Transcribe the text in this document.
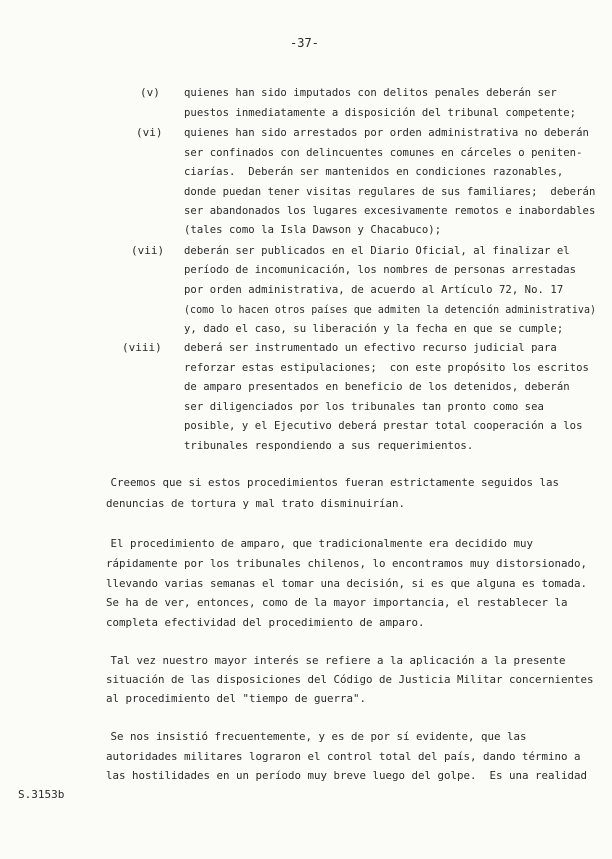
-37-
(v) quienes han sido imputados con delitos penales deberán ser
puestos inmediatamente a disposición del tribunal competente;
(vi) quienes han sido arrestados por orden administrativa no deberán
ser confinados con delincuentes comunes en cárceles o peniten-
ciarías.  Deberán ser mantenidos en condiciones razonables,
donde puedan tener visitas regulares de sus familiares;  deberán
ser abandonados los lugares excesivamente remotos e inabordables
(tales como la Isla Dawson y Chacabuco);
(vii) deberán ser publicados en el Diario Oficial, al finalizar el
período de incomunicación, los nombres de personas arrestadas
por orden administrativa, de acuerdo al Artículo 72, No. 17
(como lo hacen otros países que admiten la detención administrativa)
y, dado el caso, su liberación y la fecha en que se cumple;
(viii) deberá ser instrumentado un efectivo recurso judicial para
reforzar estas estipulaciones;  con este propósito los escritos
de amparo presentados en beneficio de los detenidos, deberán
ser diligenciados por los tribunales tan pronto como sea
posible, y el Ejecutivo deberá prestar total cooperación a los
tribunales respondiendo a sus requerimientos.
Creemos que si estos procedimientos fueran estrictamente seguidos las
denuncias de tortura y mal trato disminuirían.
El procedimiento de amparo, que tradicionalmente era decidido muy
rápidamente por los tribunales chilenos, lo encontramos muy distorsionado,
llevando varias semanas el tomar una decisión, si es que alguna es tomada.
Se ha de ver, entonces, como de la mayor importancia, el restablecer la
completa efectividad del procedimiento de amparo.
Tal vez nuestro mayor interés se refiere a la aplicación a la presente
situación de las disposiciones del Código de Justicia Militar concernientes
al procedimiento del "tiempo de guerra".
Se nos insistió frecuentemente, y es de por sí evidente, que las
autoridades militares lograron el control total del país, dando término a
las hostilidades en un período muy breve luego del golpe.  Es una realidad
S.3153b
